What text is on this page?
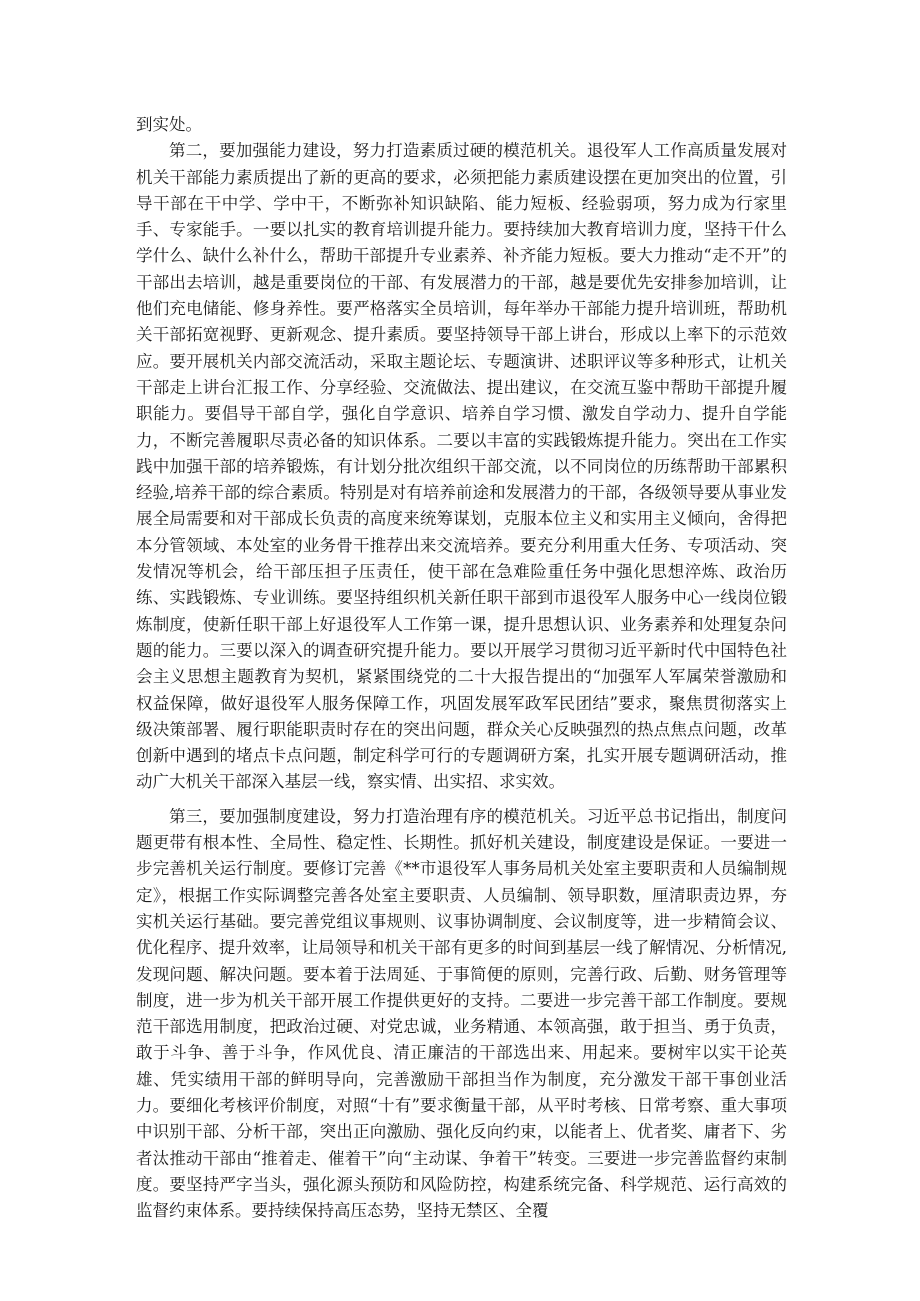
到实处。

第二，要加强能力建设，努力打造素质过硬的模范机关。退役军人工作高质量发展对机关干部能力素质提出了新的更高的要求，必须把能力素质建设摆在更加突出的位置，引导干部在干中学、学中干，不断弥补知识缺陷、能力短板、经验弱项，努力成为行家里手、专家能手。一要以扎实的教育培训提升能力。要持续加大教育培训力度，坚持干什么学什么、缺什么补什么，帮助干部提升专业素养、补齐能力短板。要大力推动“走不开”的干部出去培训，越是重要岗位的干部、有发展潜力的干部，越是要优先安排参加培训，让他们充电储能、修身养性。要严格落实全员培训，每年举办干部能力提升培训班，帮助机关干部拓宽视野、更新观念、提升素质。要坚持领导干部上讲台，形成以上率下的示范效应。要开展机关内部交流活动，采取主题论坛、专题演讲、述职评议等多种形式，让机关干部走上讲台汇报工作、分享经验、交流做法、提出建议，在交流互鉴中帮助干部提升履职能力。要倡导干部自学，强化自学意识、培养自学习惯、激发自学动力、提升自学能力，不断完善履职尽责必备的知识体系。二要以丰富的实践锻炼提升能力。突出在工作实践中加强干部的培养锻炼，有计划分批次组织干部交流，以不同岗位的历练帮助干部累积经验,培养干部的综合素质。特别是对有培养前途和发展潜力的干部，各级领导要从事业发展全局需要和对干部成长负责的高度来统筹谋划，克服本位主义和实用主义倾向，舍得把本分管领域、本处室的业务骨干推荐出来交流培养。要充分利用重大任务、专项活动、突发情况等机会，给干部压担子压责任，使干部在急难险重任务中强化思想淬炼、政治历练、实践锻炼、专业训练。要坚持组织机关新任职干部到市退役军人服务中心一线岗位锻炼制度，使新任职干部上好退役军人工作第一课，提升思想认识、业务素养和处理复杂问题的能力。三要以深入的调查研究提升能力。要以开展学习贯彻习近平新时代中国特色社会主义思想主题教育为契机，紧紧围绕党的二十大报告提出的“加强军人军属荣誉激励和权益保障，做好退役军人服务保障工作，巩固发展军政军民团结”要求，聚焦贯彻落实上级决策部署、履行职能职责时存在的突出问题，群众关心反映强烈的热点焦点问题，改革创新中遇到的堵点卡点问题，制定科学可行的专题调研方案，扎实开展专题调研活动，推动广大机关干部深入基层一线，察实情、出实招、求实效。

第三，要加强制度建设，努力打造治理有序的模范机关。习近平总书记指出，制度问题更带有根本性、全局性、稳定性、长期性。抓好机关建设，制度建设是保证。一要进一步完善机关运行制度。要修订完善《**市退役军人事务局机关处室主要职责和人员编制规定》，根据工作实际调整完善各处室主要职责、人员编制、领导职数，厘清职责边界，夯实机关运行基础。要完善党组议事规则、议事协调制度、会议制度等，进一步精简会议、优化程序、提升效率，让局领导和机关干部有更多的时间到基层一线了解情况、分析情况,发现问题、解决问题。要本着于法周延、于事简便的原则，完善行政、后勤、财务管理等制度，进一步为机关干部开展工作提供更好的支持。二要进一步完善干部工作制度。要规范干部选用制度，把政治过硬、对党忠诚，业务精通、本领高强，敢于担当、勇于负责，敢于斗争、善于斗争，作风优良、清正廉洁的干部选出来、用起来。要树牢以实干论英雄、凭实绩用干部的鲜明导向，完善激励干部担当作为制度，充分激发干部干事创业活力。要细化考核评价制度，对照“十有”要求衡量干部，从平时考核、日常考察、重大事项中识别干部、分析干部，突出正向激励、强化反向约束，以能者上、优者奖、庸者下、劣者汰推动干部由“推着走、催着干”向“主动谋、争着干”转变。三要进一步完善监督约束制度。要坚持严字当头，强化源头预防和风险防控，构建系统完备、科学规范、运行高效的监督约束体系。要持续保持高压态势，坚持无禁区、全覆
